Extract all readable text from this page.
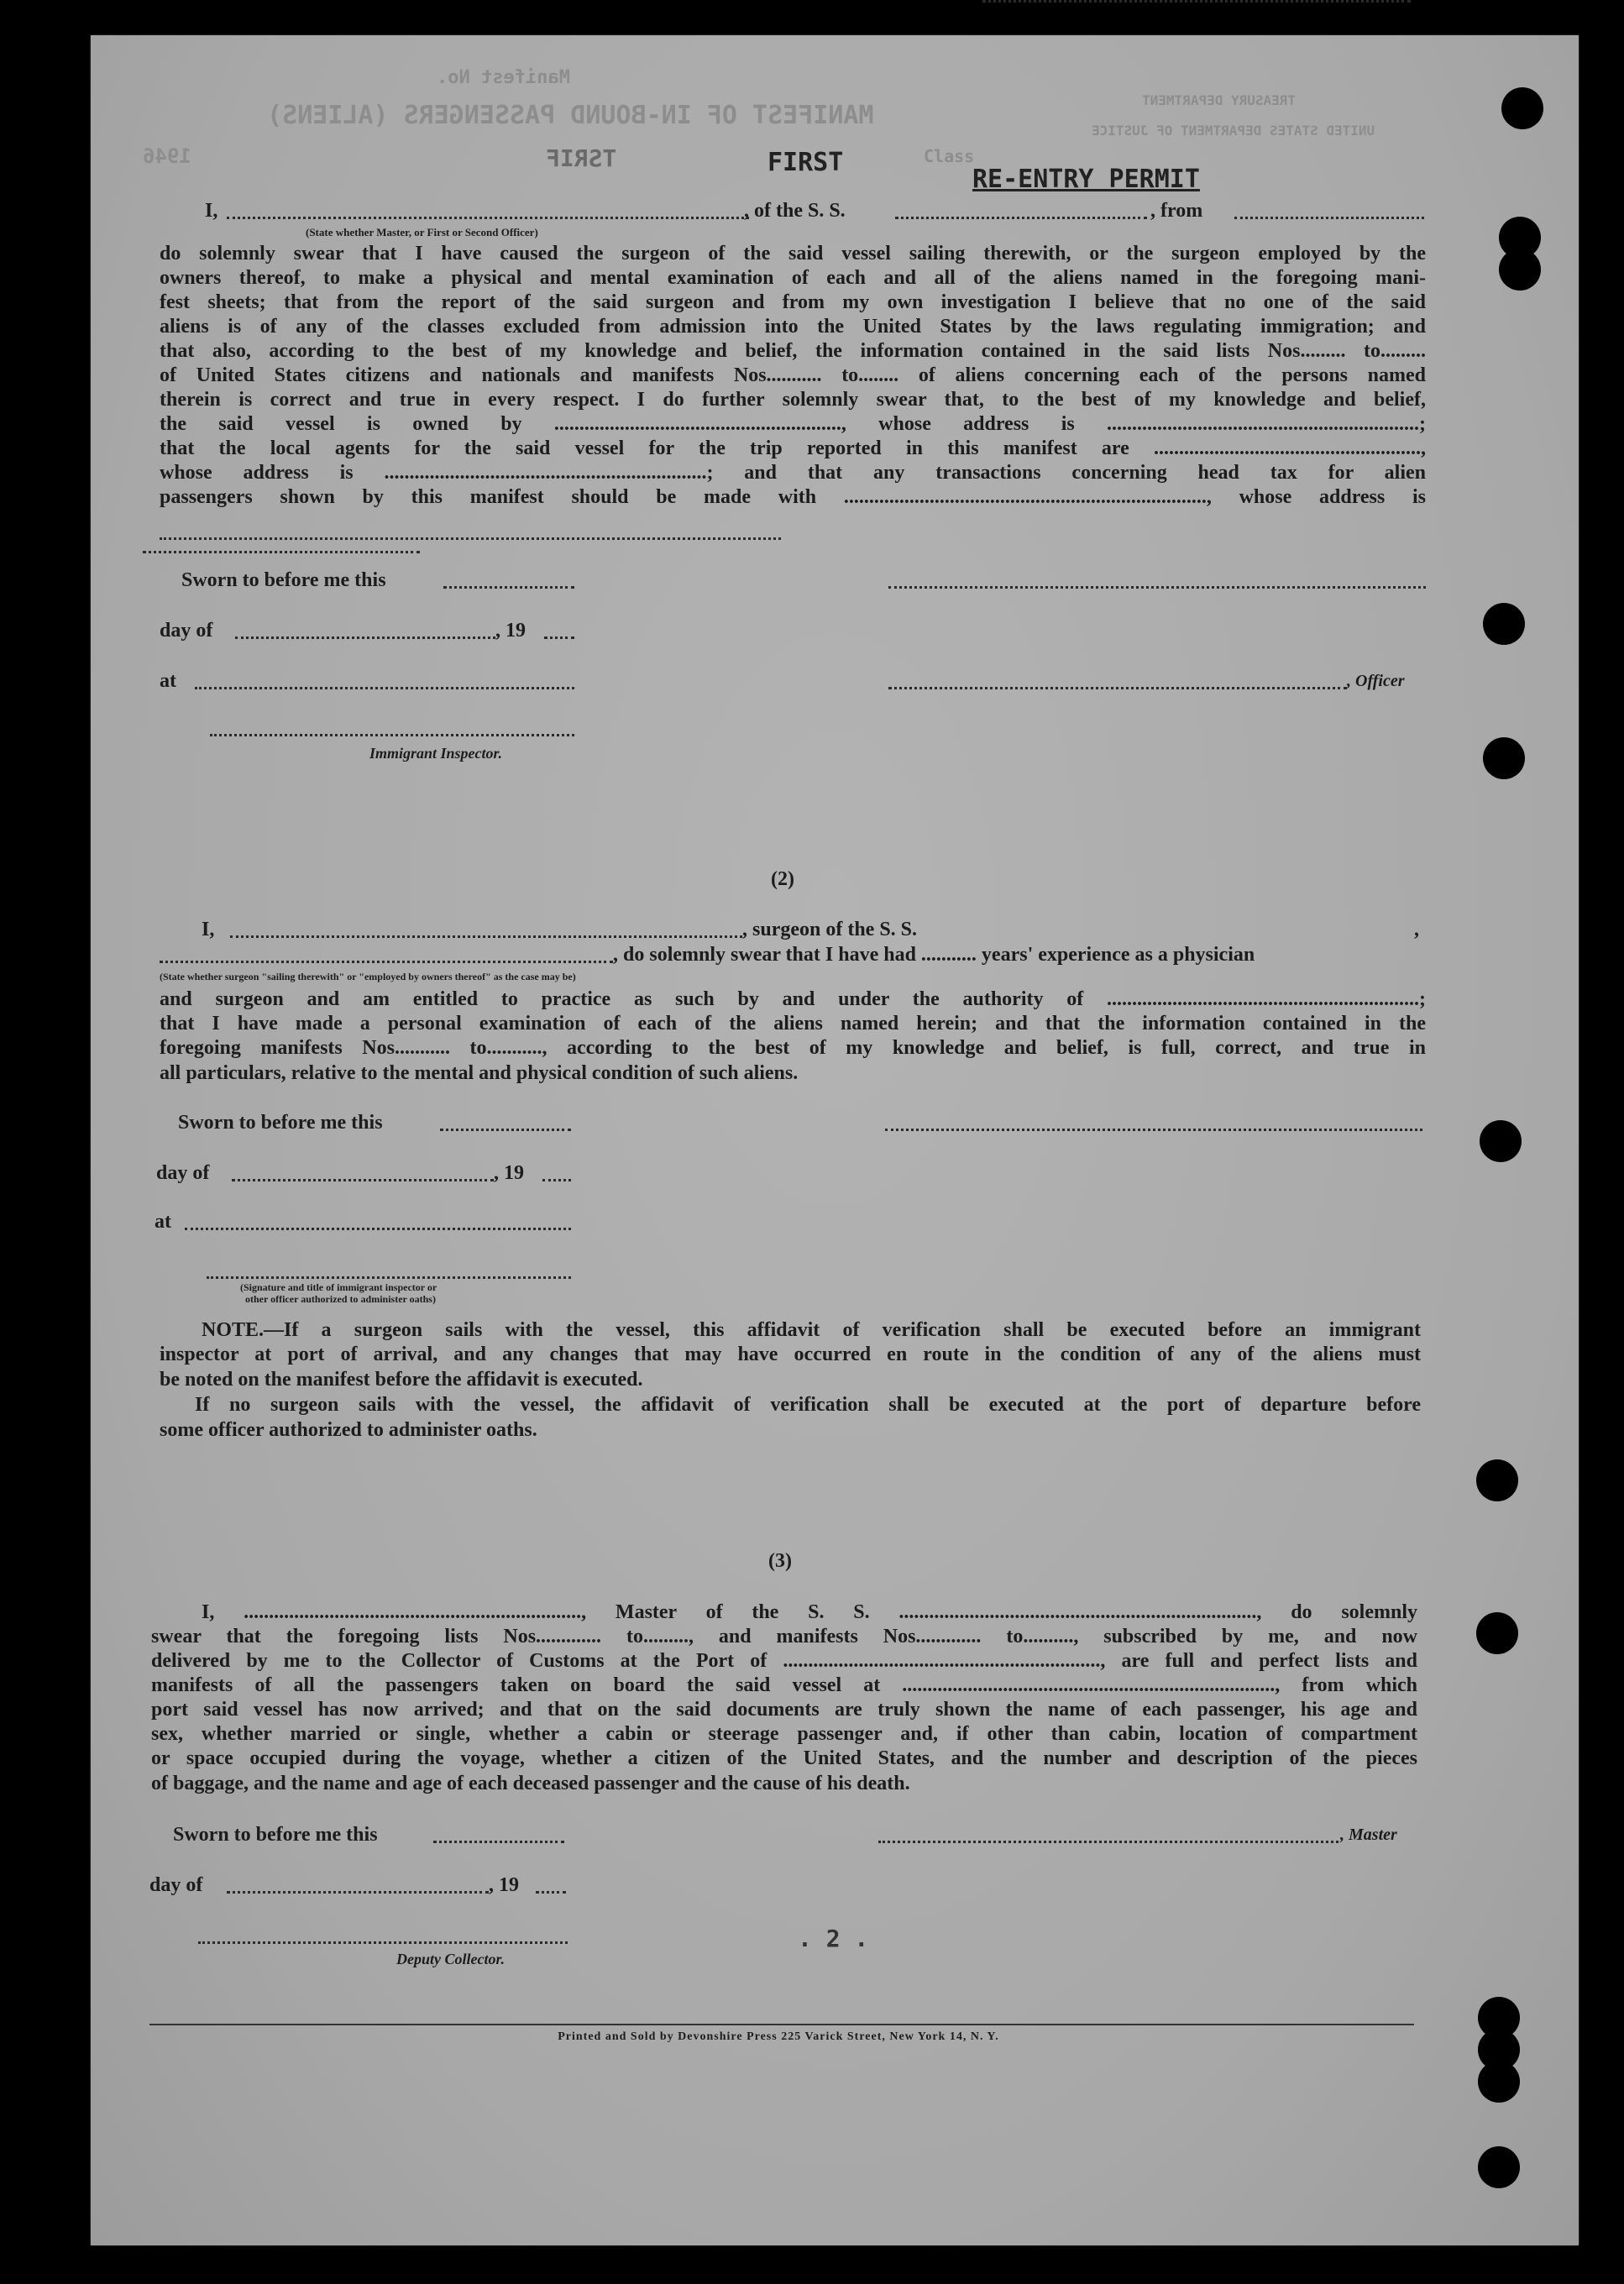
MANIFEST OF IN-BOUND PASSENGERS (ALIENS)
Manifest No.
Class
UNITED STATES DEPARTMENT OF JUSTICE
TREASURY DEPARTMENT
1946	FIRST
RE-ENTRY PERMIT
TSRIF
I,	, of the S. S.	, from
(State whether Master, or First or Second Officer)
do solemnly swear that I have caused the surgeon of the said vessel sailing therewith, or the surgeon employed by the
owners thereof, to make a physical and mental examination of each and all of the aliens named in the foregoing mani-
fest sheets; that from the report of the said surgeon and from my own investigation I believe that no one of the said
aliens is of any of the classes excluded from admission into the United States by the laws regulating immigration; and
that also, according to the best of my knowledge and belief, the information contained in the said lists Nos......... to.........
of United States citizens and nationals and manifests Nos........... to........ of aliens concerning each of the persons named
therein is correct and true in every respect. I do further solemnly swear that, to the best of my knowledge and belief,
the said vessel is owned by ........................................................., whose address is ..............................................................;
that the local agents for the said vessel for the trip reported in this manifest are .....................................................,
whose address is ................................................................; and that any transactions concerning head tax for alien
passengers shown by this manifest should be made with ........................................................................, whose address is
Sworn to before me this
day of	, 19
at	, Officer
Immigrant Inspector.
(2)
I,	, surgeon of the S. S.	,
, do solemnly swear that I have had ........... years' experience as a physician
(State whether surgeon "sailing therewith" or "employed by owners thereof" as the case may be)
and surgeon and am entitled to practice as such by and under the authority of ..............................................................;
that I have made a personal examination of each of the aliens named herein; and that the information contained in the
foregoing manifests Nos........... to..........., according to the best of my knowledge and belief, is full, correct, and true in
all particulars, relative to the mental and physical condition of such aliens.
Sworn to before me this
day of	, 19
at
(Signature and title of immigrant inspector or
other officer authorized to administer oaths)
NOTE.—If a surgeon sails with the vessel, this affidavit of verification shall be executed before an immigrant
inspector at port of arrival, and any changes that may have occurred en route in the condition of any of the aliens must
be noted on the manifest before the affidavit is executed.
If no surgeon sails with the vessel, the affidavit of verification shall be executed at the port of departure before
some officer authorized to administer oaths.
(3)
I, ..................................................................., Master of the S. S. ......................................................................., do solemnly
swear that the foregoing lists Nos............. to........., and manifests Nos............. to.........., subscribed by me, and now
delivered by me to the Collector of Customs at the Port of ..............................................................., are full and perfect lists and
manifests of all the passengers taken on board the said vessel at .........................................................................., from which
port said vessel has now arrived; and that on the said documents are truly shown the name of each passenger, his age and
sex, whether married or single, whether a cabin or steerage passenger and, if other than cabin, location of compartment
or space occupied during the voyage, whether a citizen of the United States, and the number and description of the pieces
of baggage, and the name and age of each deceased passenger and the cause of his death.
Sworn to before me this	, Master
day of	, 19
Deputy Collector.
. 2 .
Printed and Sold by Devonshire Press 225 Varick Street, New York 14, N. Y.
